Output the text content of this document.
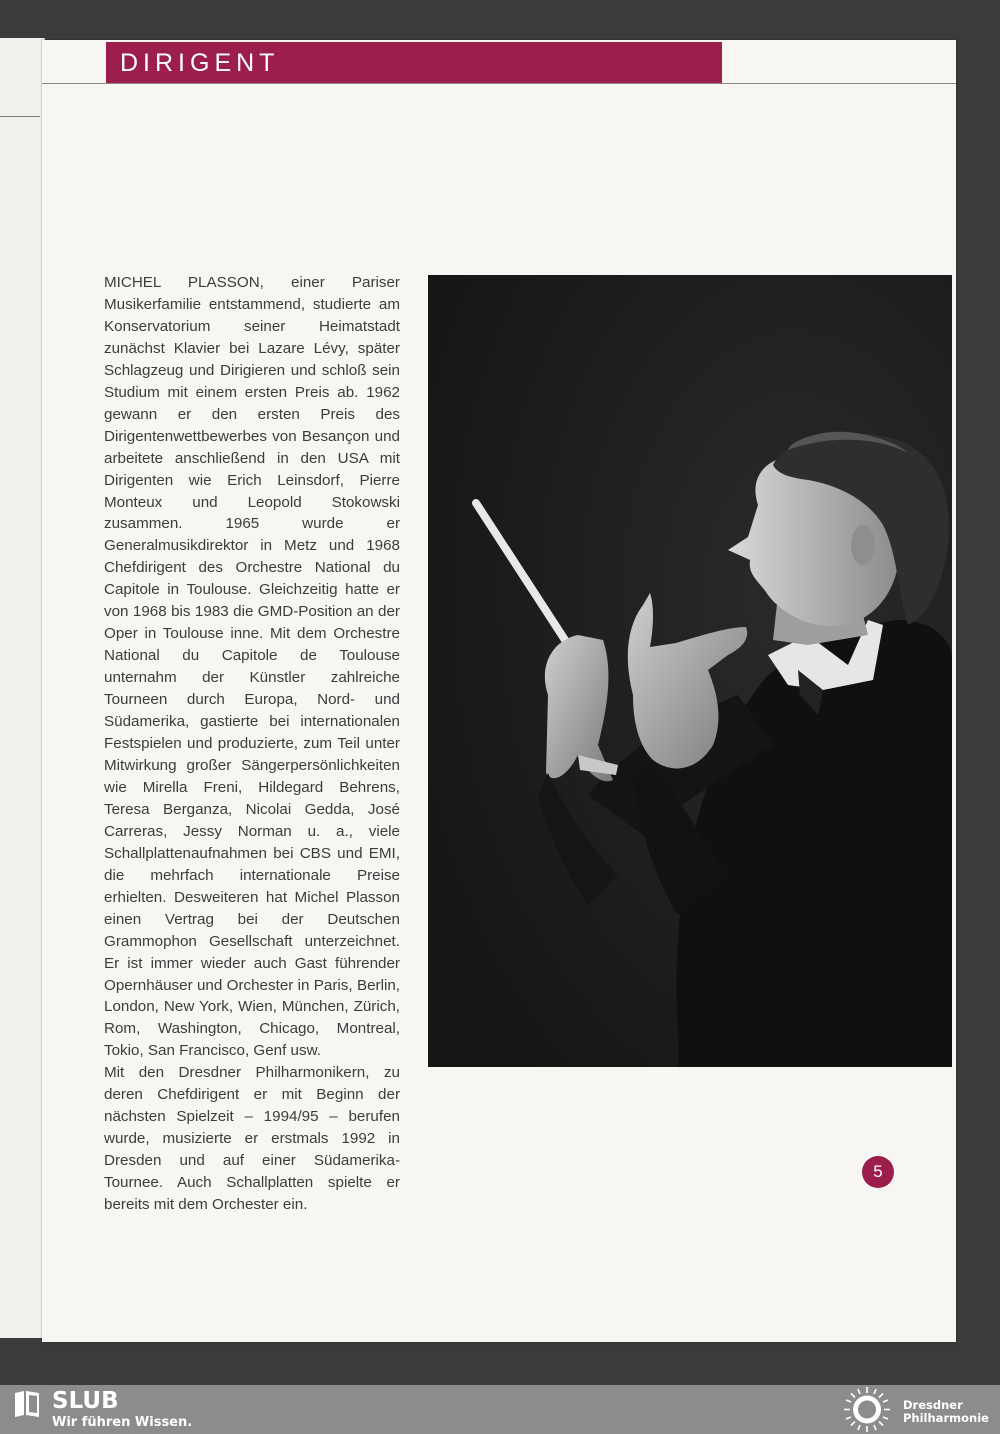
DIRIGENT

MICHEL PLASSON, einer Pariser Musikerfamilie entstammend, studierte am Konservatorium seiner Heimatstadt zunächst Klavier bei Lazare Lévy, später Schlagzeug und Dirigieren und schloß sein Studium mit einem ersten Preis ab. 1962 gewann er den ersten Preis des Dirigentenwettbewerbes von Besançon und arbeitete anschließend in den USA mit Dirigenten wie Erich Leinsdorf, Pierre Monteux und Leopold Stokowski zusammen. 1965 wurde er Generalmusikdirektor in Metz und 1968 Chefdirigent des Orchestre National du Capitole in Toulouse. Gleichzeitig hatte er von 1968 bis 1983 die GMD-Position an der Oper in Toulouse inne. Mit dem Orchestre National du Capitole de Toulouse unternahm der Künstler zahlreiche Tourneen durch Europa, Nord- und Südamerika, gastierte bei internationalen Festspielen und produzierte, zum Teil unter Mitwirkung großer Sängerpersönlichkeiten wie Mirella Freni, Hildegard Behrens, Teresa Berganza, Nicolai Gedda, José Carreras, Jessy Norman u. a., viele Schallplattenaufnahmen bei CBS und EMI, die mehrfach internationale Preise erhielten. Desweiteren hat Michel Plasson einen Vertrag bei der Deutschen Grammophon Gesellschaft unterzeichnet. Er ist immer wieder auch Gast führender Opernhäuser und Orchester in Paris, Berlin, London, New York, Wien, München, Zürich, Rom, Washington, Chicago, Montreal, Tokio, San Francisco, Genf usw.

Mit den Dresdner Philharmonikern, zu deren Chefdirigent er mit Beginn der nächsten Spielzeit – 1994/95 – berufen wurde, musizierte er erstmals 1992 in Dresden und auf einer Südamerika-Tournee. Auch Schallplatten spielte er bereits mit dem Orchester ein.

5
SLUB
Wir führen Wissen.
Dresdner
Philharmonie
